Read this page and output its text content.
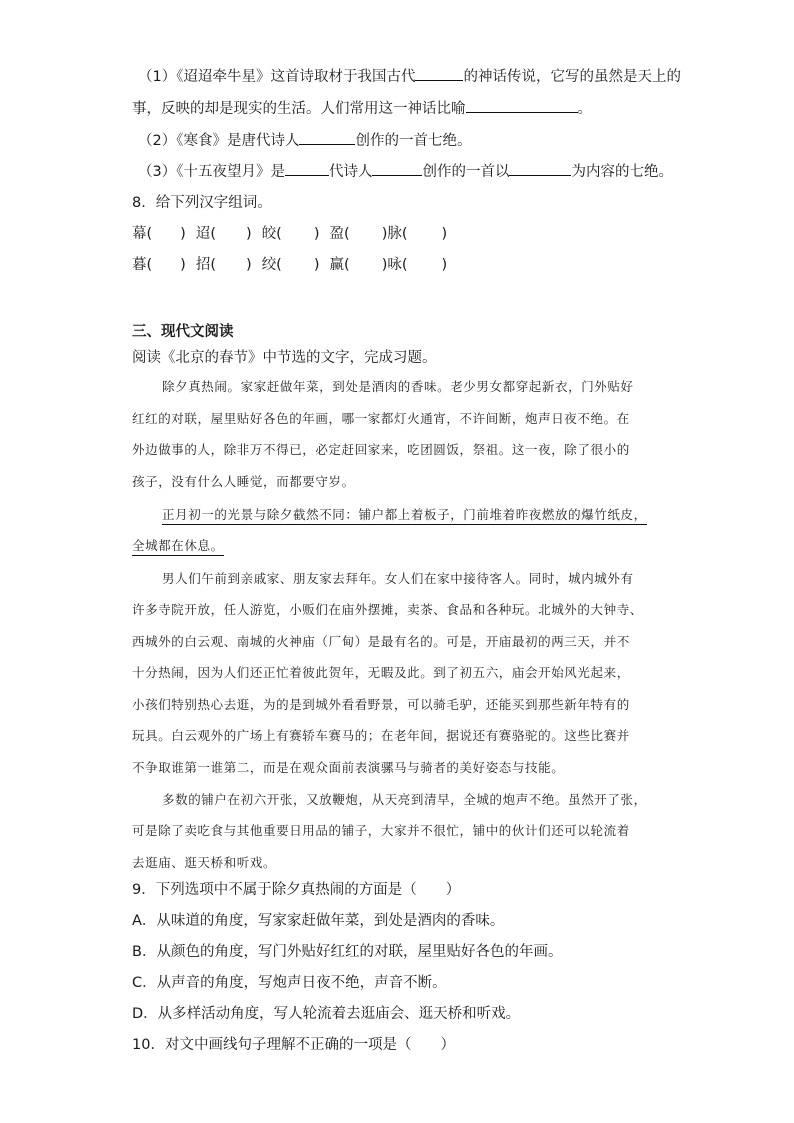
（1）《迢迢牵牛星》这首诗取材于我国古代	的神话传说，它写的虽然是天上的
事，反映的却是现实的生活。人们常用这一神话比喻	。
（2）《寒食》是唐代诗人	创作的一首七绝。
（3）《十五夜望月》是	代诗人	创作的一首以	为内容的七绝。
8．给下列汉字组词。
幕( ) 迢( ) 皎( ) 盈( )脉( )
暮( ) 招( ) 绞( ) 赢( )咏( )
三、现代文阅读
阅读《北京的春节》中节选的文字，完成习题。
除夕真热闹。家家赶做年菜，到处是酒肉的香味。老少男女都穿起新衣，门外贴好
红红的对联，屋里贴好各色的年画，哪一家都灯火通宵，不许间断，炮声日夜不绝。在
外边做事的人，除非万不得已，必定赶回家来，吃团圆饭，祭祖。这一夜，除了很小的
孩子，没有什么人睡觉，而都要守岁。
正月初一的光景与除夕截然不同：铺户都上着板子，门前堆着昨夜燃放的爆竹纸皮，
全城都在休息。
男人们午前到亲戚家、朋友家去拜年。女人们在家中接待客人。同时，城内城外有
许多寺院开放，任人游览，小贩们在庙外摆摊，卖茶、食品和各种玩。北城外的大钟寺、
西城外的白云观、南城的火神庙（厂甸）是最有名的。可是，开庙最初的两三天，并不
十分热闹，因为人们还正忙着彼此贺年，无暇及此。到了初五六，庙会开始风光起来，
小孩们特别热心去逛，为的是到城外看看野景，可以骑毛驴，还能买到那些新年特有的
玩具。白云观外的广场上有赛轿车赛马的；在老年间，据说还有赛骆驼的。这些比赛并
不争取谁第一谁第二，而是在观众面前表演骡马与骑者的美好姿态与技能。
多数的铺户在初六开张，又放鞭炮，从天亮到清早，全城的炮声不绝。虽然开了张，
可是除了卖吃食与其他重要日用品的铺子，大家并不很忙，铺中的伙计们还可以轮流着
去逛庙、逛天桥和听戏。
9．下列选项中不属于除夕真热闹的方面是（　　）
A．从味道的角度，写家家赶做年菜，到处是酒肉的香味。
B．从颜色的角度，写门外贴好红红的对联，屋里贴好各色的年画。
C．从声音的角度，写炮声日夜不绝，声音不断。
D．从多样活动角度，写人轮流着去逛庙会、逛天桥和听戏。
10．对文中画线句子理解不正确的一项是（　　）
